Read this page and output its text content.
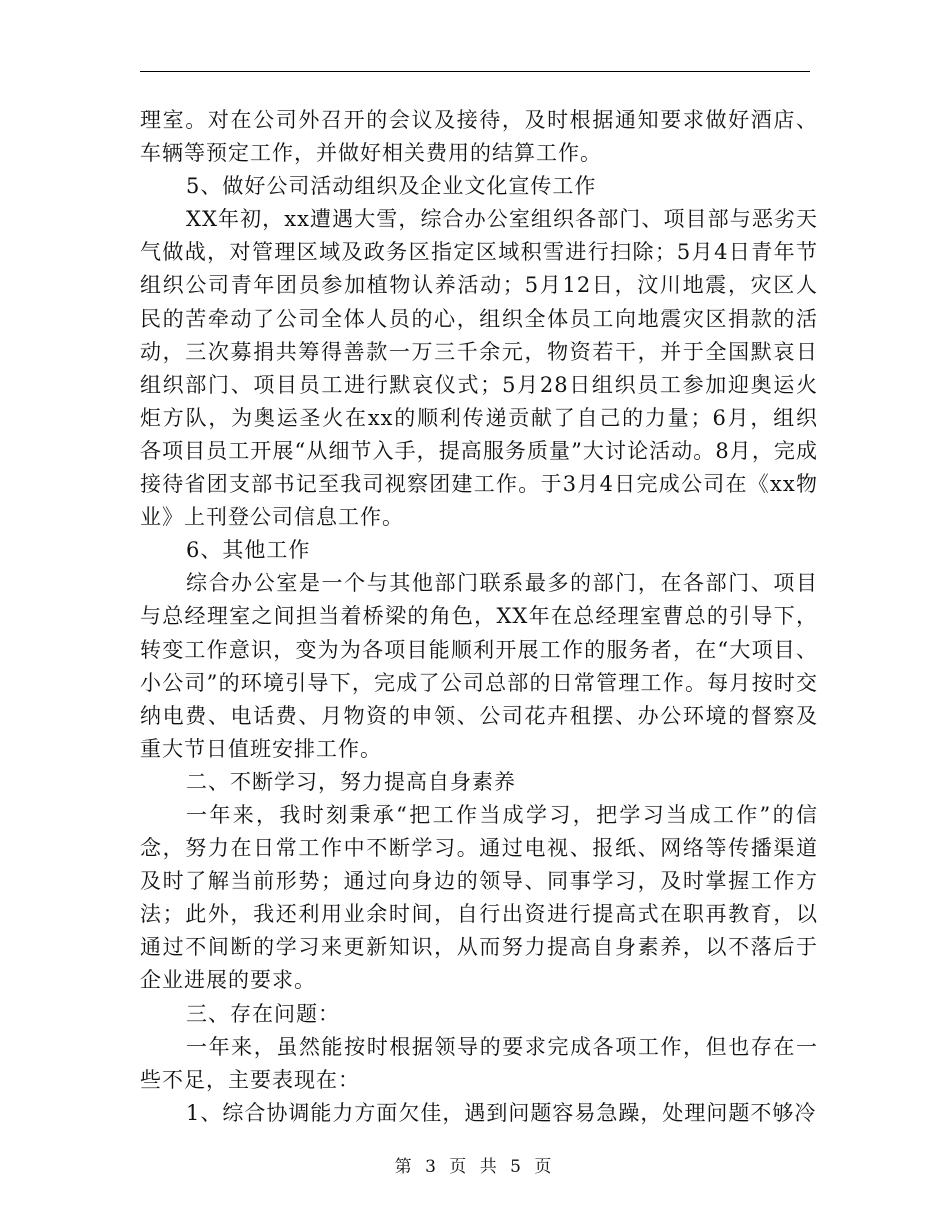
理室。对在公司外召开的会议及接待，及时根据通知要求做好酒店、车辆等预定工作，并做好相关费用的结算工作。

5、做好公司活动组织及企业文化宣传工作

XX年初，xx遭遇大雪，综合办公室组织各部门、项目部与恶劣天气做战，对管理区域及政务区指定区域积雪进行扫除；5月4日青年节组织公司青年团员参加植物认养活动；5月12日，汶川地震，灾区人民的苦牵动了公司全体人员的心，组织全体员工向地震灾区捐款的活动，三次募捐共筹得善款一万三千余元，物资若干，并于全国默哀日组织部门、项目员工进行默哀仪式；5月28日组织员工参加迎奥运火炬方队，为奥运圣火在xx的顺利传递贡献了自己的力量；6月，组织各项目员工开展“从细节入手，提高服务质量”大讨论活动。8月，完成接待省团支部书记至我司视察团建工作。于3月4日完成公司在《xx物业》上刊登公司信息工作。

6、其他工作

综合办公室是一个与其他部门联系最多的部门，在各部门、项目与总经理室之间担当着桥梁的角色，XX年在总经理室曹总的引导下，转变工作意识，变为为各项目能顺利开展工作的服务者，在“大项目、小公司”的环境引导下，完成了公司总部的日常管理工作。每月按时交纳电费、电话费、月物资的申领、公司花卉租摆、办公环境的督察及重大节日值班安排工作。

二、不断学习，努力提高自身素养

一年来，我时刻秉承“把工作当成学习，把学习当成工作”的信念，努力在日常工作中不断学习。通过电视、报纸、网络等传播渠道及时了解当前形势；通过向身边的领导、同事学习，及时掌握工作方法；此外，我还利用业余时间，自行出资进行提高式在职再教育，以通过不间断的学习来更新知识，从而努力提高自身素养，以不落后于企业进展的要求。

三、存在问题：

一年来，虽然能按时根据领导的要求完成各项工作，但也存在一些不足，主要表现在：

1、综合协调能力方面欠佳，遇到问题容易急躁，处理问题不够冷

第 3 页 共 5 页
